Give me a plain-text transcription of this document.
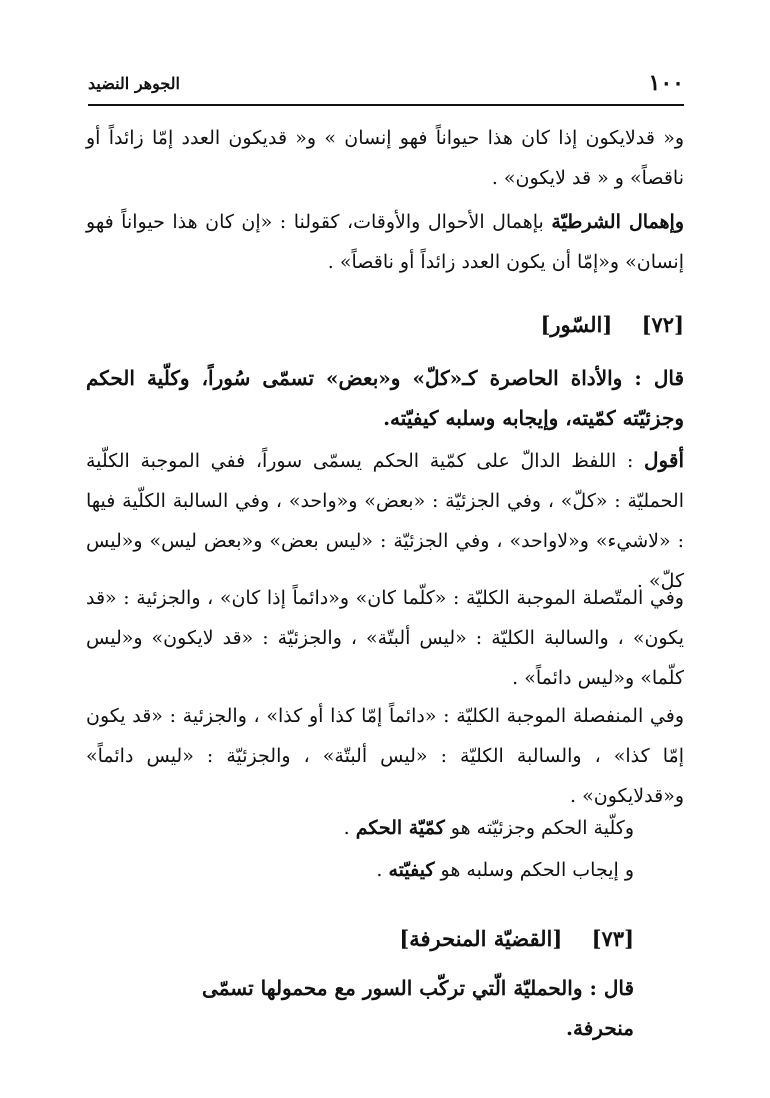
١٠٠
الجوهر النضيد
و« قدلايكون إذا كان هذا حيواناً فهو إنسان » و« قديكون العدد إمّا زائداً أو ناقصاً» و « قد لايكون» .
وإهمال الشرطيّة بإهمال الأحوال والأوقات، كقولنا : «إن كان هذا حيواناً فهو إنسان» و«إمّا أن يكون العدد زائداً أو ناقصاً» .
[٧٢]    [السّور]
قال : والأداة الحاصرة كـ«كلّ» و«بعض» تسمّى سُوراً، وكلّية الحكم وجزئيّته كمّيته، وإيجابه وسلبه كيفيّته.
أقول : اللفظ الدالّ على كمّية الحكم يسمّى سوراً، ففي الموجبة الكلّية الحمليّة : «كلّ» ، وفي الجزئيّة : «بعض» و«واحد» ، وفي السالبة الكلّية فيها : «لاشيء» و«لاواحد» ، وفي الجزئيّة : «ليس بعض» و«بعض ليس» و«ليس كلّ» .
وفي المتّصلة الموجبة الكليّة : «كلّما كان» و«دائماً إذا كان» ، والجزئية : «قد يكون» ، والسالبة الكليّة : «ليس ألبتّة» ، والجزئيّة : «قد لايكون» و«ليس كلّما» و«ليس دائماً» .
وفي المنفصلة الموجبة الكليّة : «دائماً إمّا كذا أو كذا» ، والجزئية : «قد يكون إمّا كذا» ، والسالبة الكليّة : «ليس ألبتّة» ، والجزئيّة : «ليس دائماً» و«قدلايكون» .
وكلّية الحكم وجزئيّته هو كمّيّة الحكم .
و إيجاب الحكم وسلبه هو كيفيّته .
[٧٣]    [القضيّة المنحرفة]
قال : والحمليّة الّتي تركّب السور مع محمولها تسمّى منحرفة.
